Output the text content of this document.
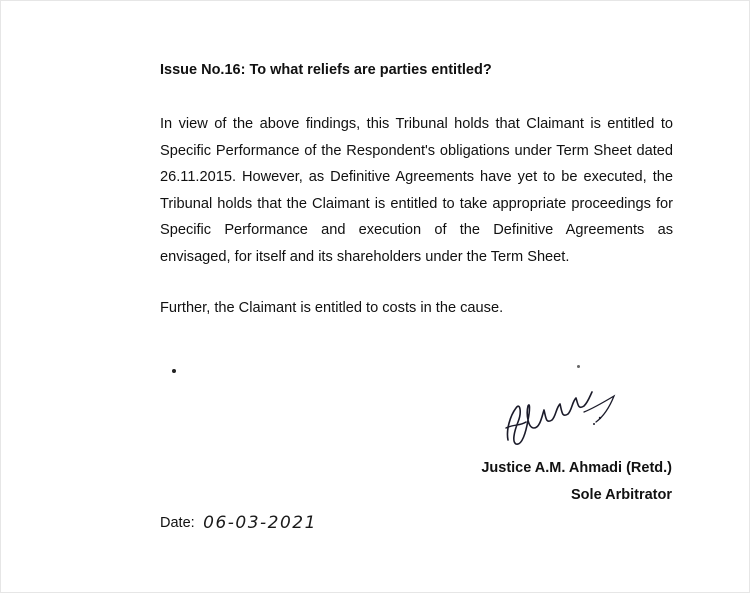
Issue No.16: To what reliefs are parties entitled?

In view of the above findings, this Tribunal holds that Claimant is entitled to Specific Performance of the Respondent's obligations under Term Sheet dated 26.11.2015. However, as Definitive Agreements have yet to be executed, the Tribunal holds that the Claimant is entitled to take appropriate proceedings for Specific Performance and execution of the Definitive Agreements as envisaged, for itself and its shareholders under the Term Sheet.

Further, the Claimant is entitled to costs in the cause.

Justice A.M. Ahmadi (Retd.)

Sole Arbitrator

Date: 06-03-2021
